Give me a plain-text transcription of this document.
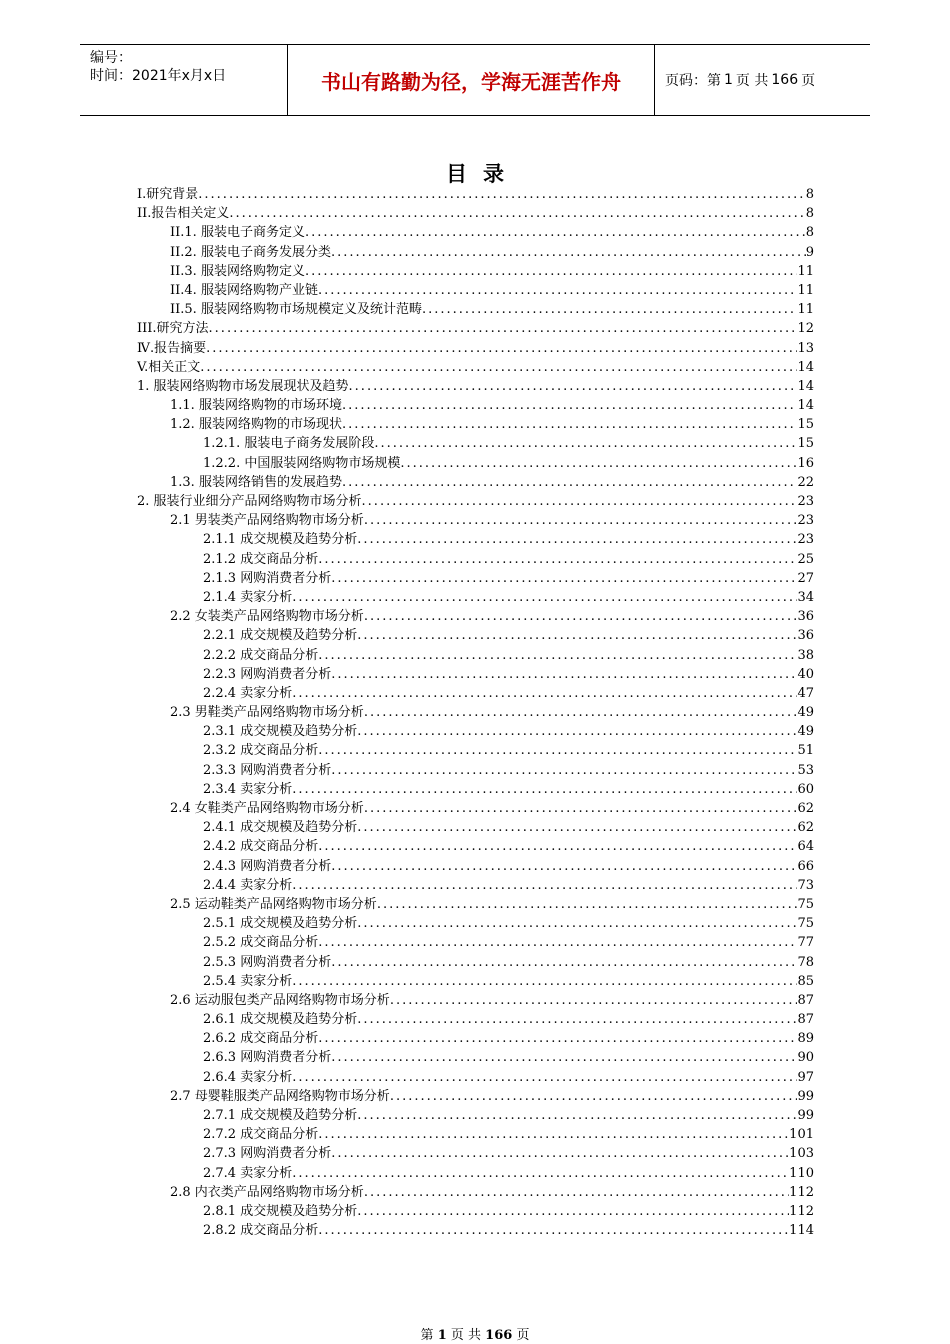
编号：
时间：2021年x月x日	书山有路勤为径，学海无涯苦作舟	页码：第 1 页 共 166 页
目录
I.研究背景 .....	8
II.报告相关定义 .....	8
II.1. 服装电子商务定义 .....	8
II.2. 服装电子商务发展分类 .....	9
II.3. 服装网络购物定义 .....	11
II.4. 服装网络购物产业链 .....	11
II.5. 服装网络购物市场规模定义及统计范畴 .....	11
III.研究方法 .....	12
Ⅳ.报告摘要 .....	13
V.相关正文 .....	14
1. 服装网络购物市场发展现状及趋势 .....	14
1.1. 服装网络购物的市场环境 .....	14
1.2. 服装网络购物的市场现状 .....	15
1.2.1. 服装电子商务发展阶段 .....	15
1.2.2. 中国服装网络购物市场规模 .....	16
1.3. 服装网络销售的发展趋势 .....	22
2. 服装行业细分产品网络购物市场分析 .....	23
2.1 男装类产品网络购物市场分析 .....	23
2.1.1 成交规模及趋势分析 .....	23
2.1.2 成交商品分析 .....	25
2.1.3 网购消费者分析 .....	27
2.1.4 卖家分析 .....	34
2.2 女装类产品网络购物市场分析 .....	36
2.2.1 成交规模及趋势分析 .....	36
2.2.2 成交商品分析 .....	38
2.2.3 网购消费者分析 .....	40
2.2.4 卖家分析 .....	47
2.3 男鞋类产品网络购物市场分析 .....	49
2.3.1 成交规模及趋势分析 .....	49
2.3.2 成交商品分析 .....	51
2.3.3 网购消费者分析 .....	53
2.3.4 卖家分析 .....	60
2.4 女鞋类产品网络购物市场分析 .....	62
2.4.1 成交规模及趋势分析 .....	62
2.4.2 成交商品分析 .....	64
2.4.3 网购消费者分析 .....	66
2.4.4 卖家分析 .....	73
2.5 运动鞋类产品网络购物市场分析 .....	75
2.5.1 成交规模及趋势分析 .....	75
2.5.2 成交商品分析 .....	77
2.5.3 网购消费者分析 .....	78
2.5.4 卖家分析 .....	85
2.6 运动服包类产品网络购物市场分析 .....	87
2.6.1 成交规模及趋势分析 .....	87
2.6.2 成交商品分析 .....	89
2.6.3 网购消费者分析 .....	90
2.6.4 卖家分析 .....	97
2.7 母婴鞋服类产品网络购物市场分析 .....	99
2.7.1 成交规模及趋势分析 .....	99
2.7.2 成交商品分析 .....	101
2.7.3 网购消费者分析 .....	103
2.7.4 卖家分析 .....	110
2.8 内衣类产品网络购物市场分析 .....	112
2.8.1 成交规模及趋势分析 .....	112
2.8.2 成交商品分析 .....	114
第 1 页 共 166 页
